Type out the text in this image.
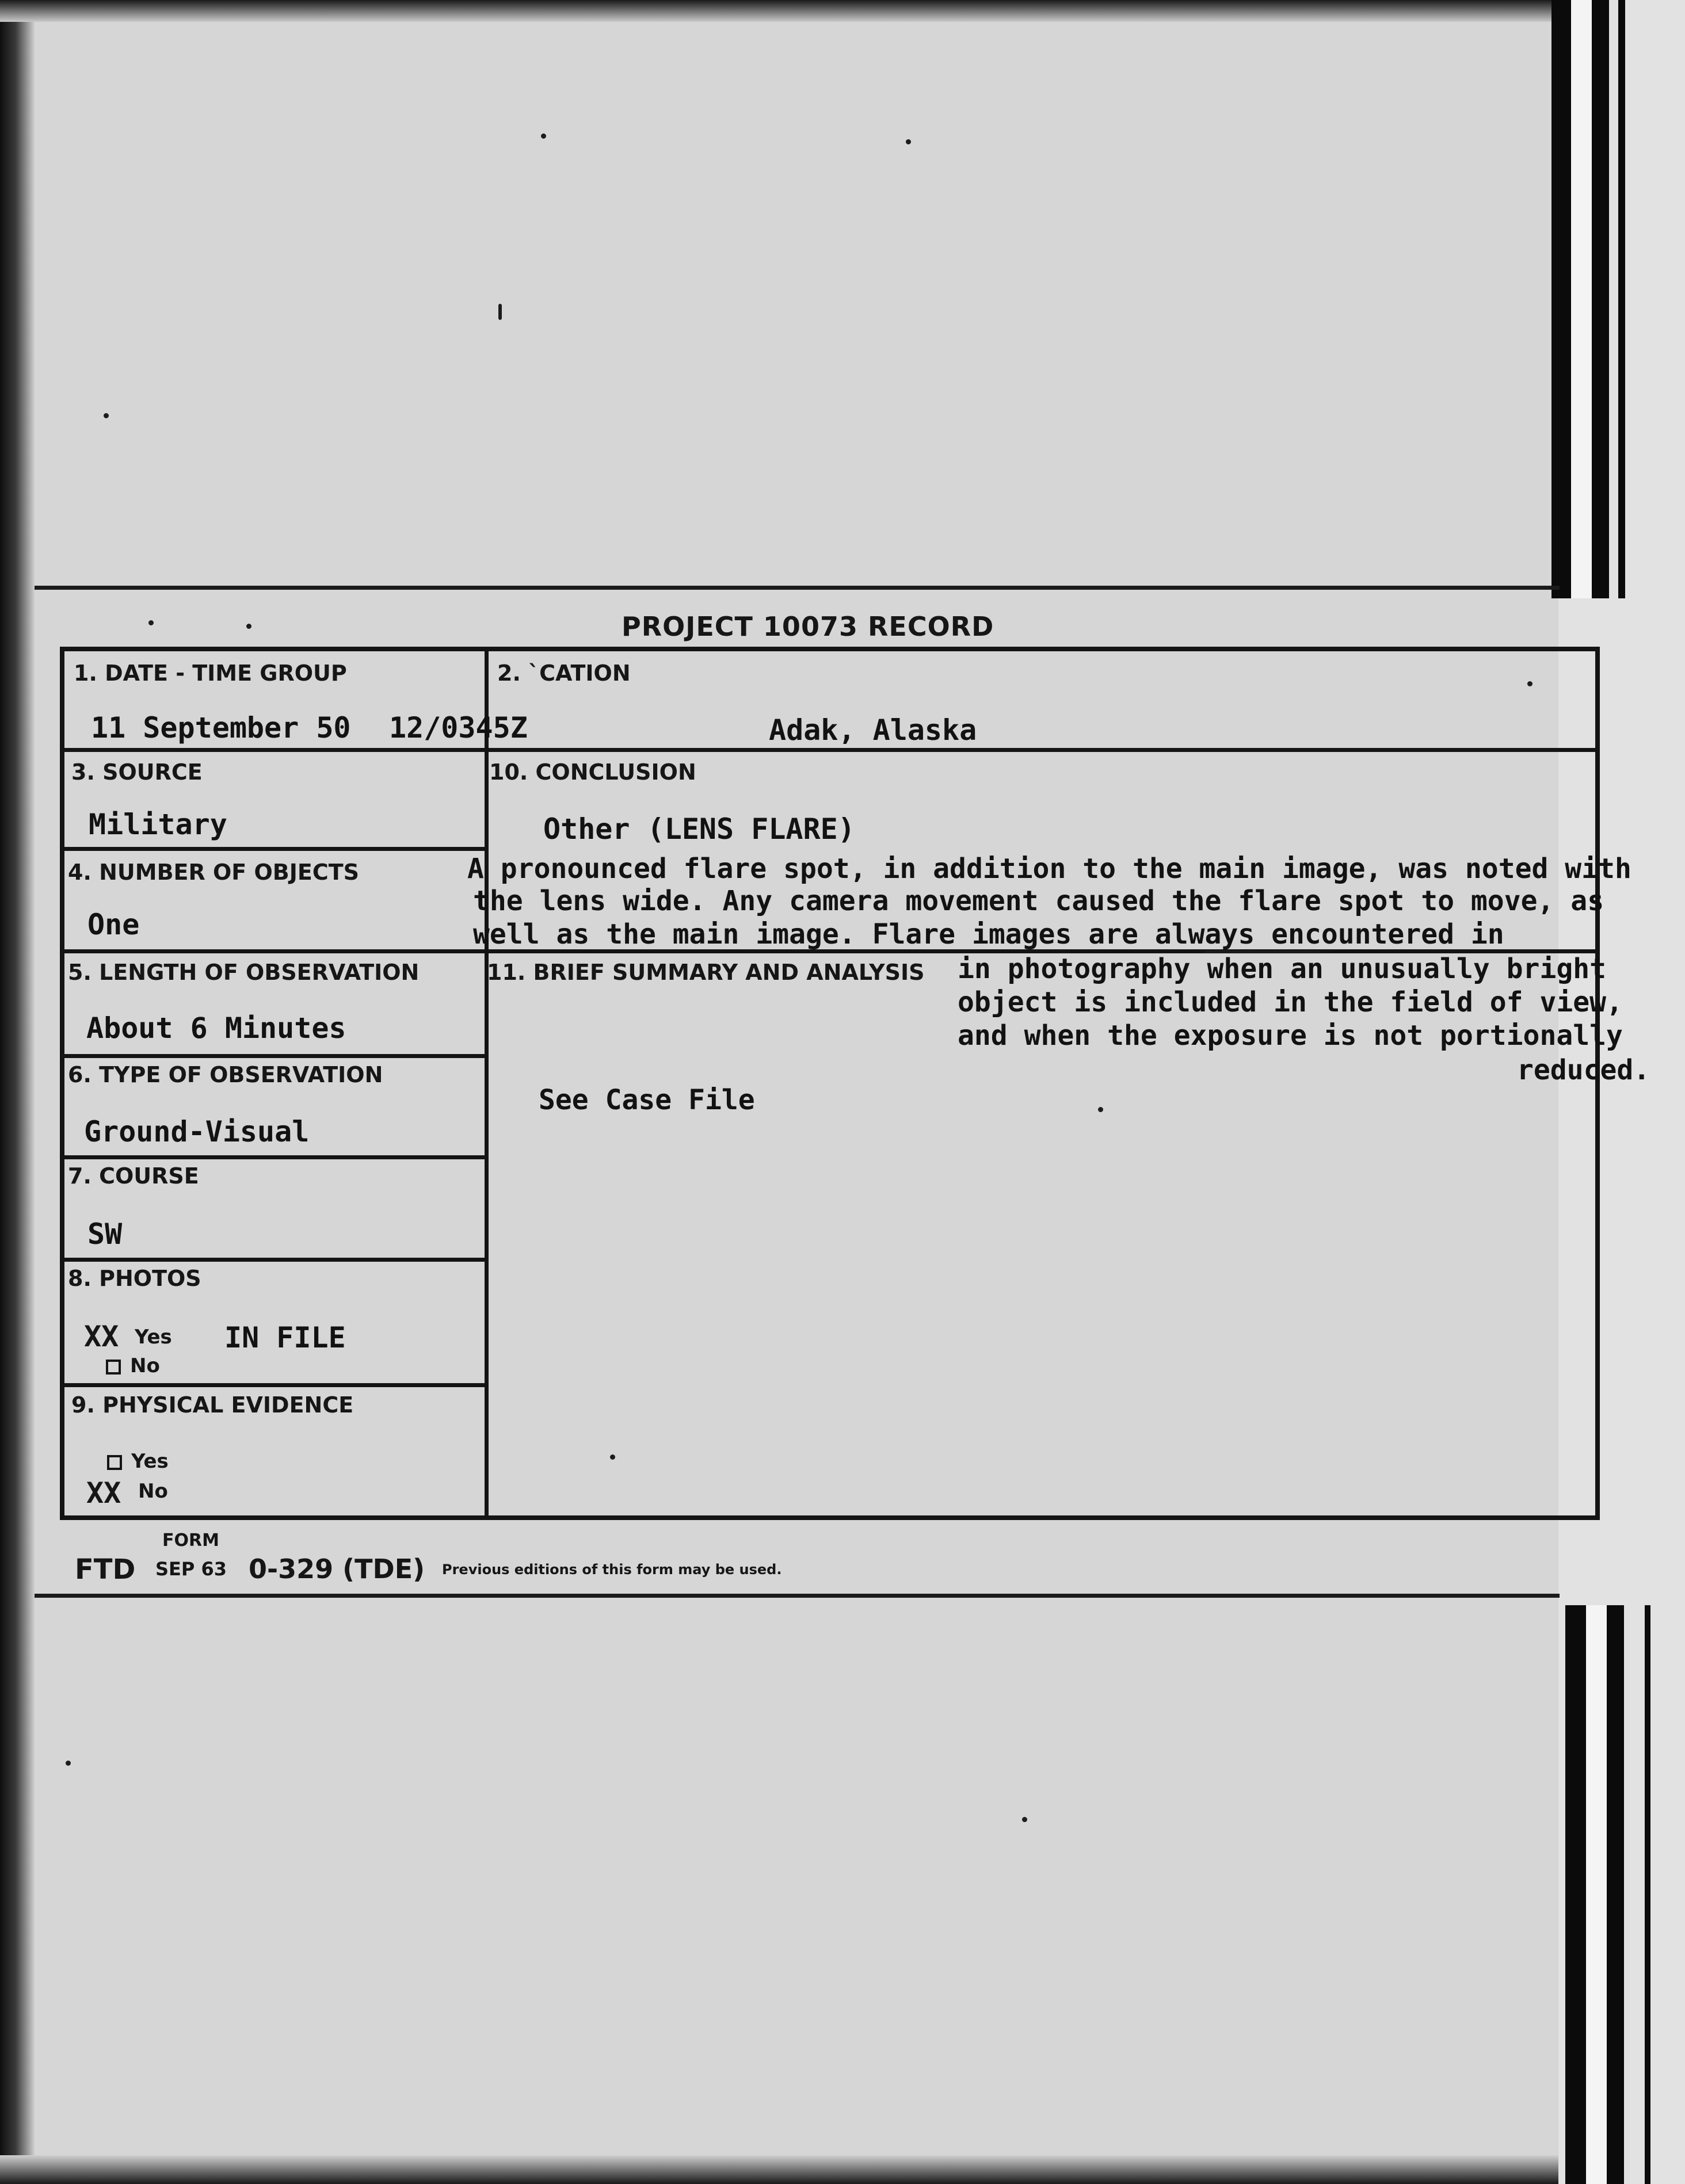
PROJECT 10073 RECORD
1. DATE - TIME GROUP
11 September 50 12/0345Z
2. `CATION
Adak, Alaska
3. SOURCE
Military
10. CONCLUSION
Other (LENS FLARE)
4. NUMBER OF OBJECTS
One
5. LENGTH OF OBSERVATION
About 6 Minutes
11. BRIEF SUMMARY AND ANALYSIS
A pronounced flare spot, in addition to the main image, was noted with
the lens wide. Any camera movement caused the flare spot to move, as
well as the main image. Flare images are always encountered in
in photography when an unusually bright
object is included in the field of view,
and when the exposure is not portionally
reduced.
See Case File
6. TYPE OF OBSERVATION
Ground-Visual
7. COURSE
SW
8. PHOTOS
XX Yes IN FILE
No
9. PHYSICAL EVIDENCE
Yes
XX No
FORM
FTD SEP 63 0-329 (TDE) Previous editions of this form may be used.
